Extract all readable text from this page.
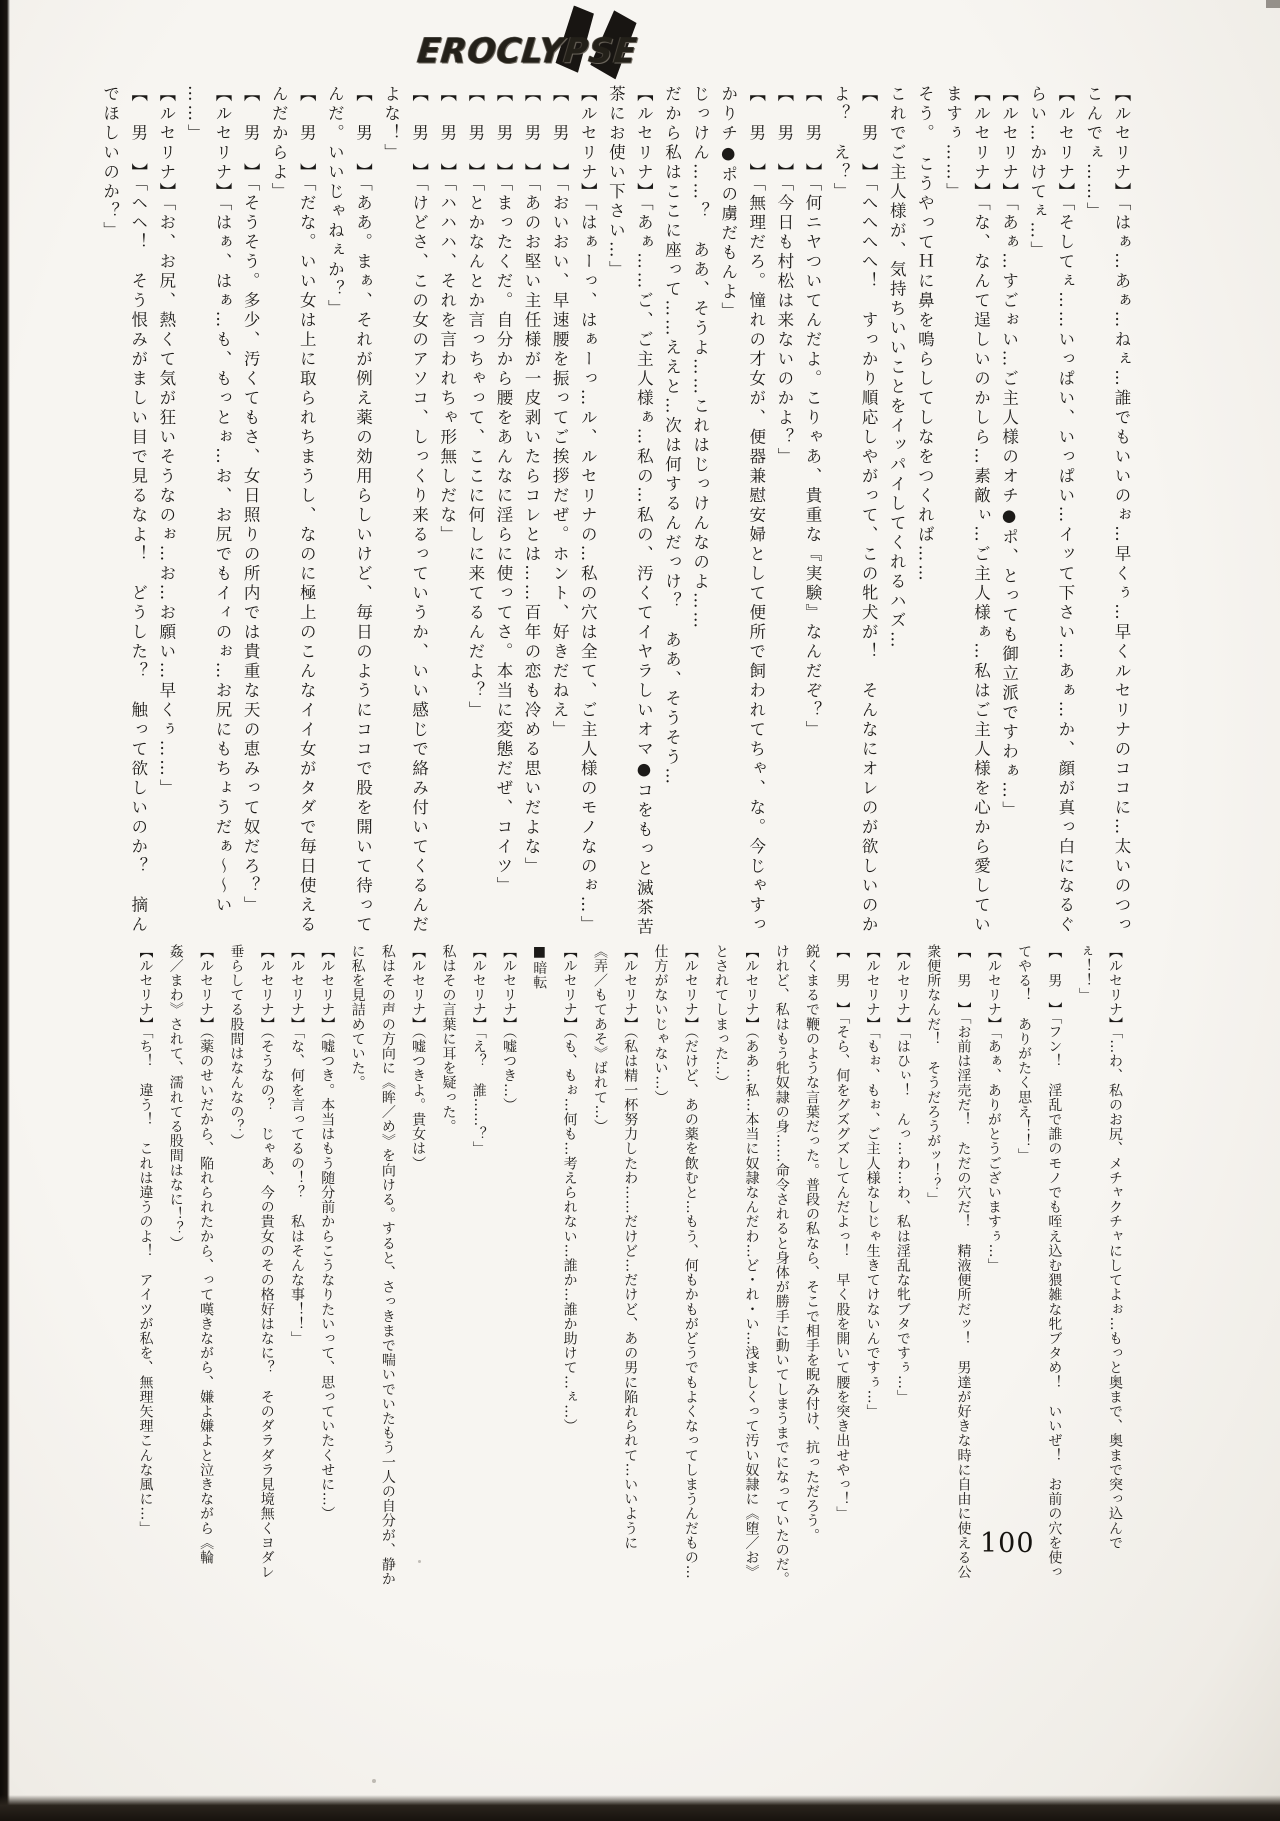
EROCLYPSE
【ルセリナ】「はぁ…あぁ…ねぇ…誰でもいいのぉ…早くぅ…早くルセリナのココに…太いのつっ
こんでぇ……」
【ルセリナ】「そしてぇ……いっぱい、いっぱい…イッて下さい…あぁ…か、顔が真っ白になるぐ
らい…かけてぇ…」
【ルセリナ】「あぁ…すごぉい…ご主人様のオチ●ポ、とっても御立派ですわぁ…」
【ルセリナ】「な、なんて逞しいのかしら…素敵ぃ…ご主人様ぁ…私はご主人様を心から愛してい
ますぅ……」
そう。　こうやってＨに鼻を鳴らしてしなをつくれば……
これでご主人様が、気持ちいいことをイッパイしてくれるハズ…
【　男　】「へへへへ！　すっかり順応しやがって、この牝犬が！　そんなにオレのが欲しいのか
よ？　え？」
【　男　】「何ニヤついてんだよ。こりゃあ、貴重な『実験』なんだぞ？」
【　男　】「今日も村松は来ないのかよ？」
【　男　】「無理だろ。憧れの才女が、便器兼慰安婦として便所で飼われてちゃ、な。今じゃすっ
かりチ●ポの虜だもんよ」
じっけん……？　ああ、そうよ……これはじっけんなのよ……
だから私はここに座って……ええと…次は何するんだっけ？　ああ、そうそう…
【ルセリナ】「あぁ……ご、ご主人様ぁ…私の…私の、汚くてイヤラしいオマ●コをもっと滅茶苦
茶にお使い下さい…」
【ルセリナ】「はぁーっ、はぁーっ…ル、ルセリナの…私の穴は全て、ご主人様のモノなのぉ…」
【　男　】「おいおい、早速腰を振ってご挨拶だぜ。ホント、好きだねえ」
【　男　】「あのお堅い主任様が一皮剥いたらコレとは……百年の恋も冷める思いだよな」
【　男　】「まったくだ。自分から腰をあんなに淫らに使ってさ。本当に変態だぜ、コイツ」
【　男　】「とかなんとか言っちゃって、ここに何しに来てるんだよ？」
【　男　】「ハハハ、それを言われちゃ形無しだな」
【　男　】「けどさ、この女のアソコ、しっくり来るっていうか、いい感じで絡み付いてくるんだ
よな！」
【　男　】「ああ。まぁ、それが例え薬の効用らしいけど、毎日のようにココで股を開いて待って
んだ。いいじゃねぇか？」
【　男　】「だな。いい女は上に取られちまうし、なのに極上のこんなイイ女がタダで毎日使える
んだからよ」
【　男　】「そうそう。多少、汚くてもさ、女日照りの所内では貴重な天の恵みって奴だろ？」
【ルセリナ】「はぁ、はぁ…も、もっとぉ…お、お尻でもイィのぉ…お尻にもちょうだぁ～～い
……」
【ルセリナ】「お、お尻、熱くて気が狂いそうなのぉ…お…お願い…早くぅ……」
【　男　】「ヘヘ！　そう恨みがましい目で見るなよ！　どうした？　触って欲しいのか？　摘ん
でほしいのか？」
【ルセリナ】「…わ、私のお尻、メチャクチャにしてよぉ…もっと奥まで、奥まで突っ込んで
ぇ！！」
【　男　】「フン！　淫乱で誰のモノでも咥え込む猥雑な牝ブタめ！　いいぜ！　お前の穴を使っ
てやる！　ありがたく思え！！」
【ルセリナ】「あぁ、ありがとうございますぅ…」
【　男　】「お前は淫売だ！　ただの穴だ！　精液便所だッ！　男達が好きな時に自由に使える公
衆便所なんだ！　そうだろうがッ！？」
【ルセリナ】「はひぃ！　んっ…わ…わ、私は淫乱な牝ブタですぅ…」
【ルセリナ】「もぉ、もぉ、ご主人様なしじゃ生きてけないんですぅ…」
【　男　】「そら、何をグズグズしてんだよっ！　早く股を開いて腰を突き出せやっ！」
鋭くまるで鞭のような言葉だった。普段の私なら、そこで相手を睨み付け、抗っただろう。
けれど、私はもう牝奴隷の身……命令されると身体が勝手に動いてしまうまでになっていたのだ。
【ルセリナ】（ああ…私…本当に奴隷なんだわ…ど・れ・い…浅ましくって汚い奴隷に《堕／お》
とされてしまった…）
【ルセリナ】（だけど、あの薬を飲むと…もう、何もかもがどうでもよくなってしまうんだもの…
仕方がないじゃない…）
【ルセリナ】（私は精一杯努力したわ……だけど…だけど、あの男に陥れられて…いいように
《弄／もてあそ》ばれて…）
【ルセリナ】（も、もぉ…何も…考えられない…誰か…誰か助けて…ぇ…）
■暗転
【ルセリナ】（嘘つき…）
【ルセリナ】「え？　誰……？」
私はその言葉に耳を疑った。
【ルセリナ】（嘘つきよ。貴女は）
私はその声の方向に《眸／め》を向ける。すると、さっきまで喘いでいたもう一人の自分が、静か
に私を見詰めていた。
【ルセリナ】（嘘つき。本当はもう随分前からこうなりたいって、思っていたくせに…）
【ルセリナ】「な、何を言ってるの！？　私はそんな事！！」
【ルセリナ】（そうなの？　じゃあ、今の貴女のその格好はなに？　そのダラダラ見境無くヨダレ
垂らしてる股間はなんなの？）
【ルセリナ】（薬のせいだから、陥れられたから、って嘆きながら、嫌よ嫌よと泣きながら《輪
姦／まわ》されて、濡れてる股間はなに！？）
【ルセリナ】「ち！　違う！　これは違うのよ！　アイツが私を、無理矢理こんな風に…」
100
